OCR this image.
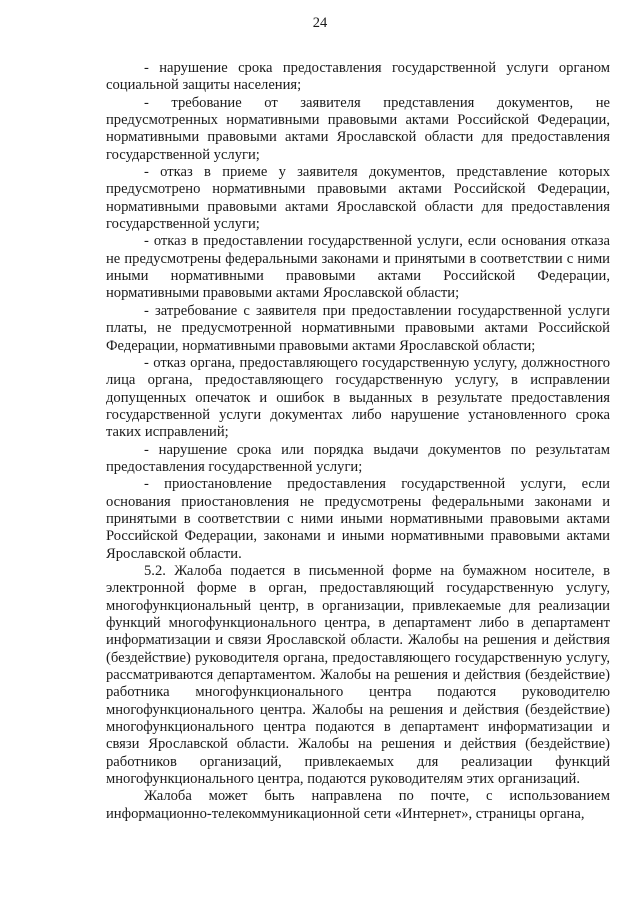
24

- нарушение срока предоставления государственной услуги органом социальной защиты населения;

- требование от заявителя представления документов, не предусмотренных нормативными правовыми актами Российской Федерации, нормативными правовыми актами Ярославской области для предоставления государственной услуги;

- отказ в приеме у заявителя документов, представление которых предусмотрено нормативными правовыми актами Российской Федерации, нормативными правовыми актами Ярославской области для предоставления государственной услуги;

- отказ в предоставлении государственной услуги, если основания отказа не предусмотрены федеральными законами и принятыми в соответствии с ними иными нормативными правовыми актами Российской Федерации, нормативными правовыми актами Ярославской области;

- затребование с заявителя при предоставлении государственной услуги платы, не предусмотренной нормативными правовыми актами Российской Федерации, нормативными правовыми актами Ярославской области;

- отказ органа, предоставляющего государственную услугу, должностного лица органа, предоставляющего государственную услугу, в исправлении допущенных опечаток и ошибок в выданных в результате предоставления государственной услуги документах либо нарушение установленного срока таких исправлений;

- нарушение срока или порядка выдачи документов по результатам предоставления государственной услуги;

- приостановление предоставления государственной услуги, если основания приостановления не предусмотрены федеральными законами и принятыми в соответствии с ними иными нормативными правовыми актами Российской Федерации, законами и иными нормативными правовыми актами Ярославской области.

5.2. Жалоба подается в письменной форме на бумажном носителе, в электронной форме в орган, предоставляющий государственную услугу, многофункциональный центр, в организации, привлекаемые для реализации функций многофункционального центра, в департамент либо в департамент информатизации и связи Ярославской области. Жалобы на решения и действия (бездействие) руководителя органа, предоставляющего государственную услугу, рассматриваются департаментом. Жалобы на решения и действия (бездействие) работника многофункционального центра подаются руководителю многофункционального центра. Жалобы на решения и действия (бездействие) многофункционального центра подаются в департамент информатизации и связи Ярославской области. Жалобы на решения и действия (бездействие) работников организаций, привлекаемых для реализации функций многофункционального центра, подаются руководителям этих организаций.

Жалоба может быть направлена по почте, с использованием информационно-телекоммуникационной сети «Интернет», страницы органа,
